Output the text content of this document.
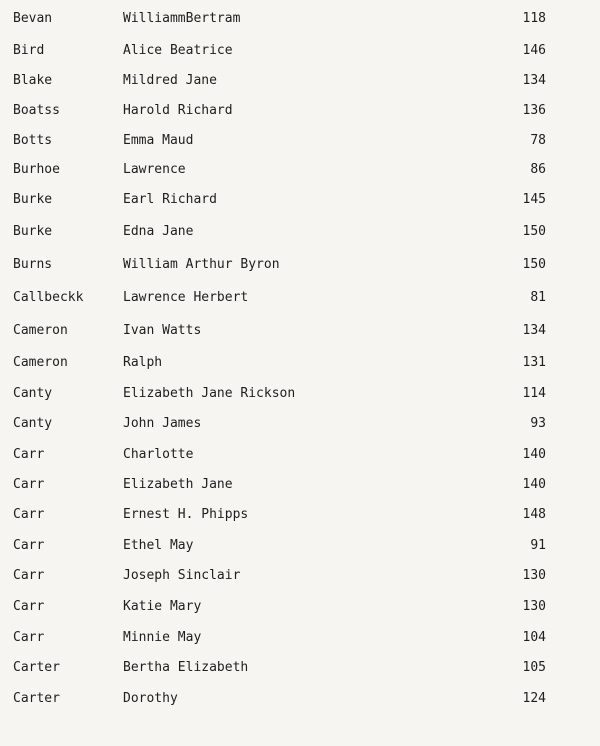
Bevan	WilliammBertram	118
Bird	Alice Beatrice	146
Blake	Mildred Jane	134
Boatss	Harold Richard	136
Botts	Emma Maud	78
Burhoe	Lawrence	86
Burke	Earl Richard	145
Burke	Edna Jane	150
Burns	William Arthur Byron	150
Callbeckk	Lawrence Herbert	81
Cameron	Ivan Watts	134
Cameron	Ralph	131
Canty	Elizabeth Jane Rickson	114
Canty	John James	93
Carr	Charlotte	140
Carr	Elizabeth Jane	140
Carr	Ernest H. Phipps	148
Carr	Ethel May	91
Carr	Joseph Sinclair	130
Carr	Katie Mary	130
Carr	Minnie May	104
Carter	Bertha Elizabeth	105
Carter	Dorothy	124
